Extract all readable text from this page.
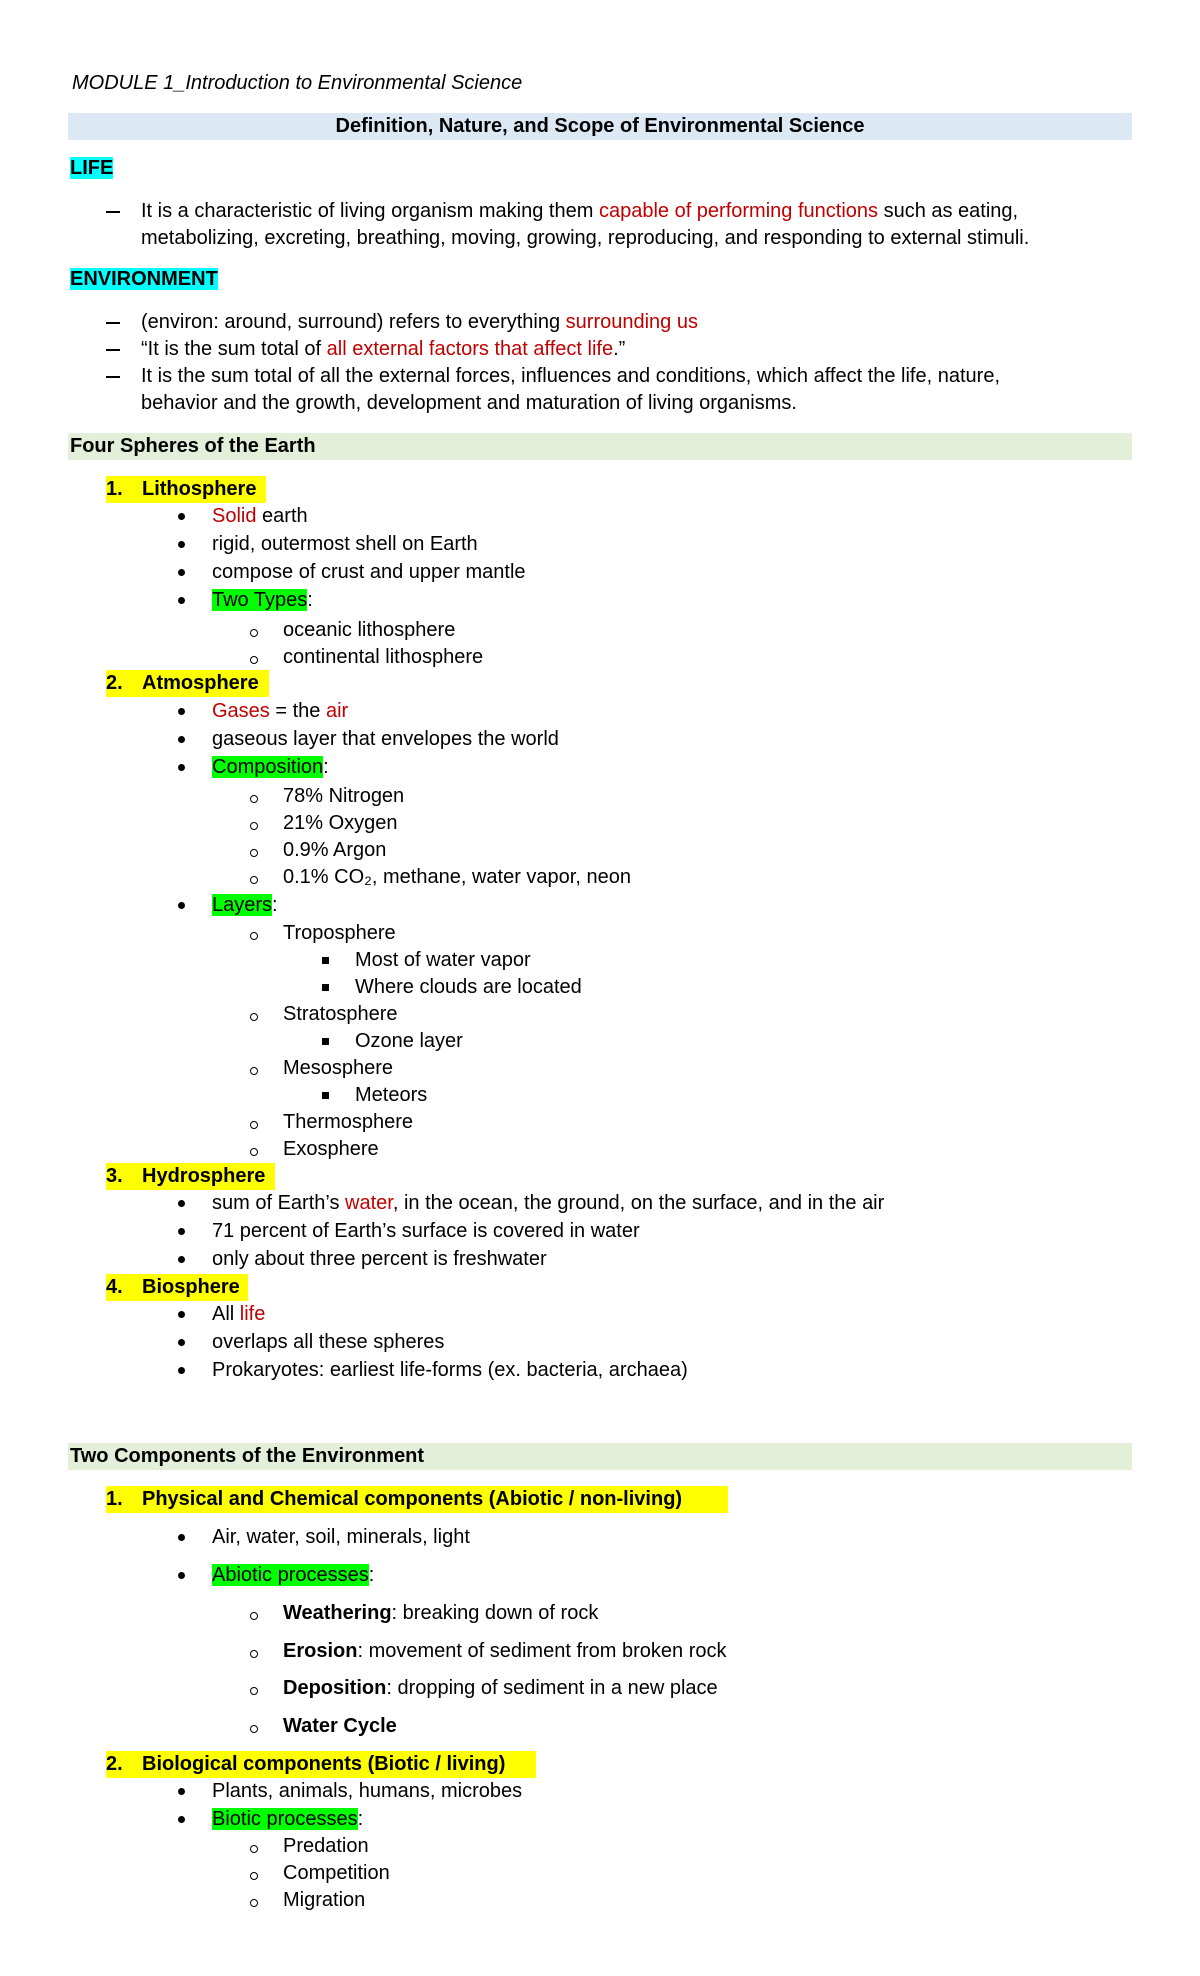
MODULE 1_Introduction to Environmental Science
Definition, Nature, and Scope of Environmental Science
LIFE
It is a characteristic of living organism making them capable of performing functions such as eating,
metabolizing, excreting, breathing, moving, growing, reproducing, and responding to external stimuli.
ENVIRONMENT
(environ: around, surround) refers to everything surrounding us
“It is the sum total of all external factors that affect life.”
It is the sum total of all the external forces, influences and conditions, which affect the life, nature,
behavior and the growth, development and maturation of living organisms.
Four Spheres of the Earth
1. Lithosphere
Solid earth
rigid, outermost shell on Earth
compose of crust and upper mantle
Two Types:
oceanic lithosphere
continental lithosphere
2. Atmosphere
Gases = the air
gaseous layer that envelopes the world
Composition:
78% Nitrogen
21% Oxygen
0.9% Argon
0.1% CO₂, methane, water vapor, neon
Layers:
Troposphere
Most of water vapor
Where clouds are located
Stratosphere
Ozone layer
Mesosphere
Meteors
Thermosphere
Exosphere
3. Hydrosphere
sum of Earth’s water, in the ocean, the ground, on the surface, and in the air
71 percent of Earth’s surface is covered in water
only about three percent is freshwater
4. Biosphere
All life
overlaps all these spheres
Prokaryotes: earliest life-forms (ex. bacteria, archaea)
Two Components of the Environment
1. Physical and Chemical components (Abiotic / non-living)
Air, water, soil, minerals, light
Abiotic processes:
Weathering: breaking down of rock
Erosion: movement of sediment from broken rock
Deposition: dropping of sediment in a new place
Water Cycle
2. Biological components (Biotic / living)
Plants, animals, humans, microbes
Biotic processes:
Predation
Competition
Migration
